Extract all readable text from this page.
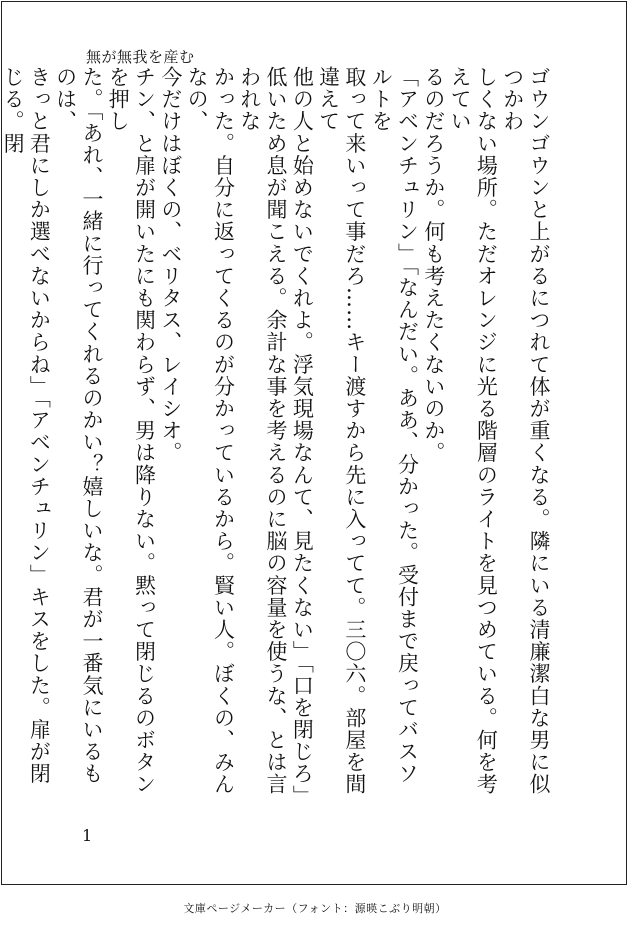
無が無我を産む

ゴウンゴウンと上がるにつれて体が重くなる。隣にいる清廉潔白な男に似つかわ

しくない場所。ただオレンジに光る階層のライトを見つめている。何を考えてい

るのだろうか。何も考えたくないのか。

「アベンチュリン」「なんだい。ああ、分かった。受付まで戻ってバスソルトを

取って来いって事だろ……キー渡すから先に入ってて。三〇六。部屋を間違えて

他の人と始めないでくれよ。浮気現場なんて、見たくない」「口を閉じろ」

低いため息が聞こえる。余計な事を考えるのに脳の容量を使うな、とは言われな

かった。自分に返ってくるのが分かっているから。賢い人。ぼくの、みんなの、

今だけはぼくの、ベリタス、レイシオ。

チン、と扉が開いたにも関わらず、男は降りない。黙って閉じるのボタンを押し

た。「あれ、一緒に行ってくれるのかい？嬉しいな。君が一番気にいるものは、

きっと君にしか選べないからね」「アベンチュリン」キスをした。扉が閉じる。閉

1
文庫ページメーカー（フォント：源暎こぶり明朝）
